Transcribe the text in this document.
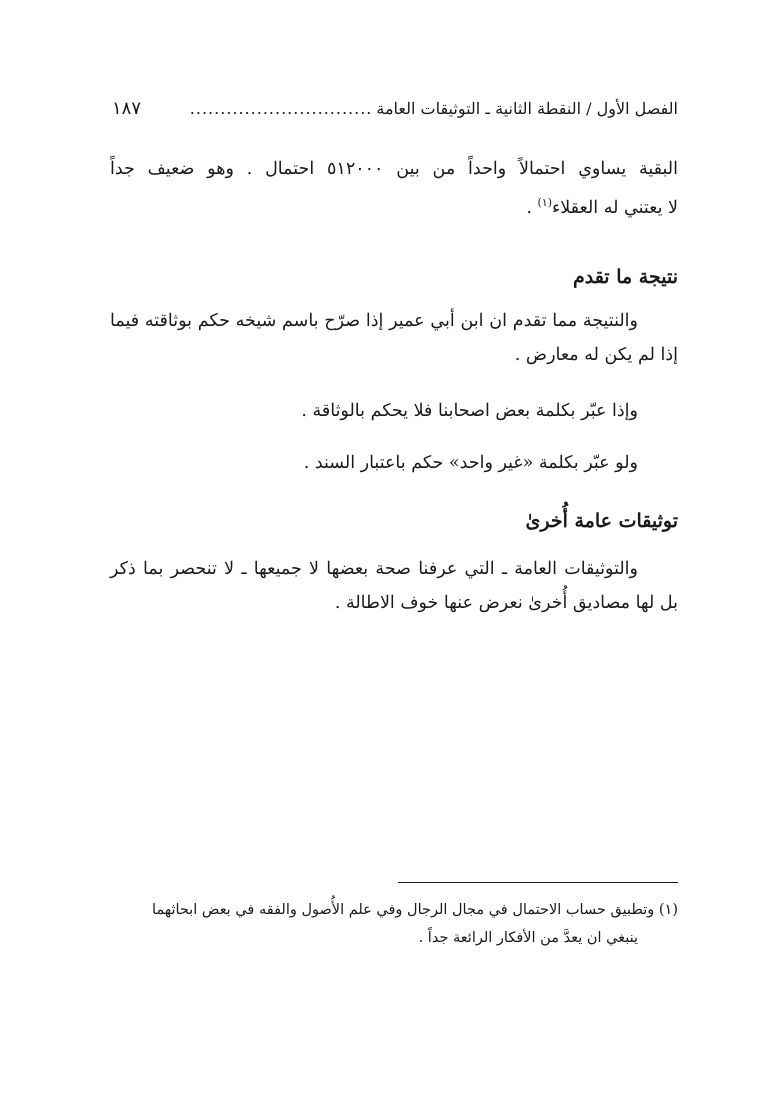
الفصل الأول / النقطة الثانية ـ التوثيقات العامة
..............................
١٨٧
البقية يساوي احتمالاً واحداً من بين ٥١٢٠٠٠ احتمال . وهو ضعيف جداً
لا يعتني له العقلاء$^{(١)}$ .
نتيجة ما تقدم
والنتيجة مما تقدم ان ابن أبي عمير إذا صرّح باسم شيخه حكم بوثاقته فيما
إذا لم يكن له معارض .
وإذا عبّر بكلمة بعض اصحابنا فلا يحكم بالوثاقة .
ولو عبّر بكلمة «غير واحد» حكم باعتبار السند .
توثيقات عامة أُخرىٰ
والتوثيقات العامة ـ التي عرفنا صحة بعضها لا جميعها ـ لا تنحصر بما ذكر
بل لها مصاديق أُخرىٰ نعرض عنها خوف الاطالة .
(١) وتطبيق حساب الاحتمال في مجال الرجال وفي علم الأُصول والفقه في بعض ابحاثهما
ينبغي ان يعدَّ من الأفكار الرائعة جداً .
